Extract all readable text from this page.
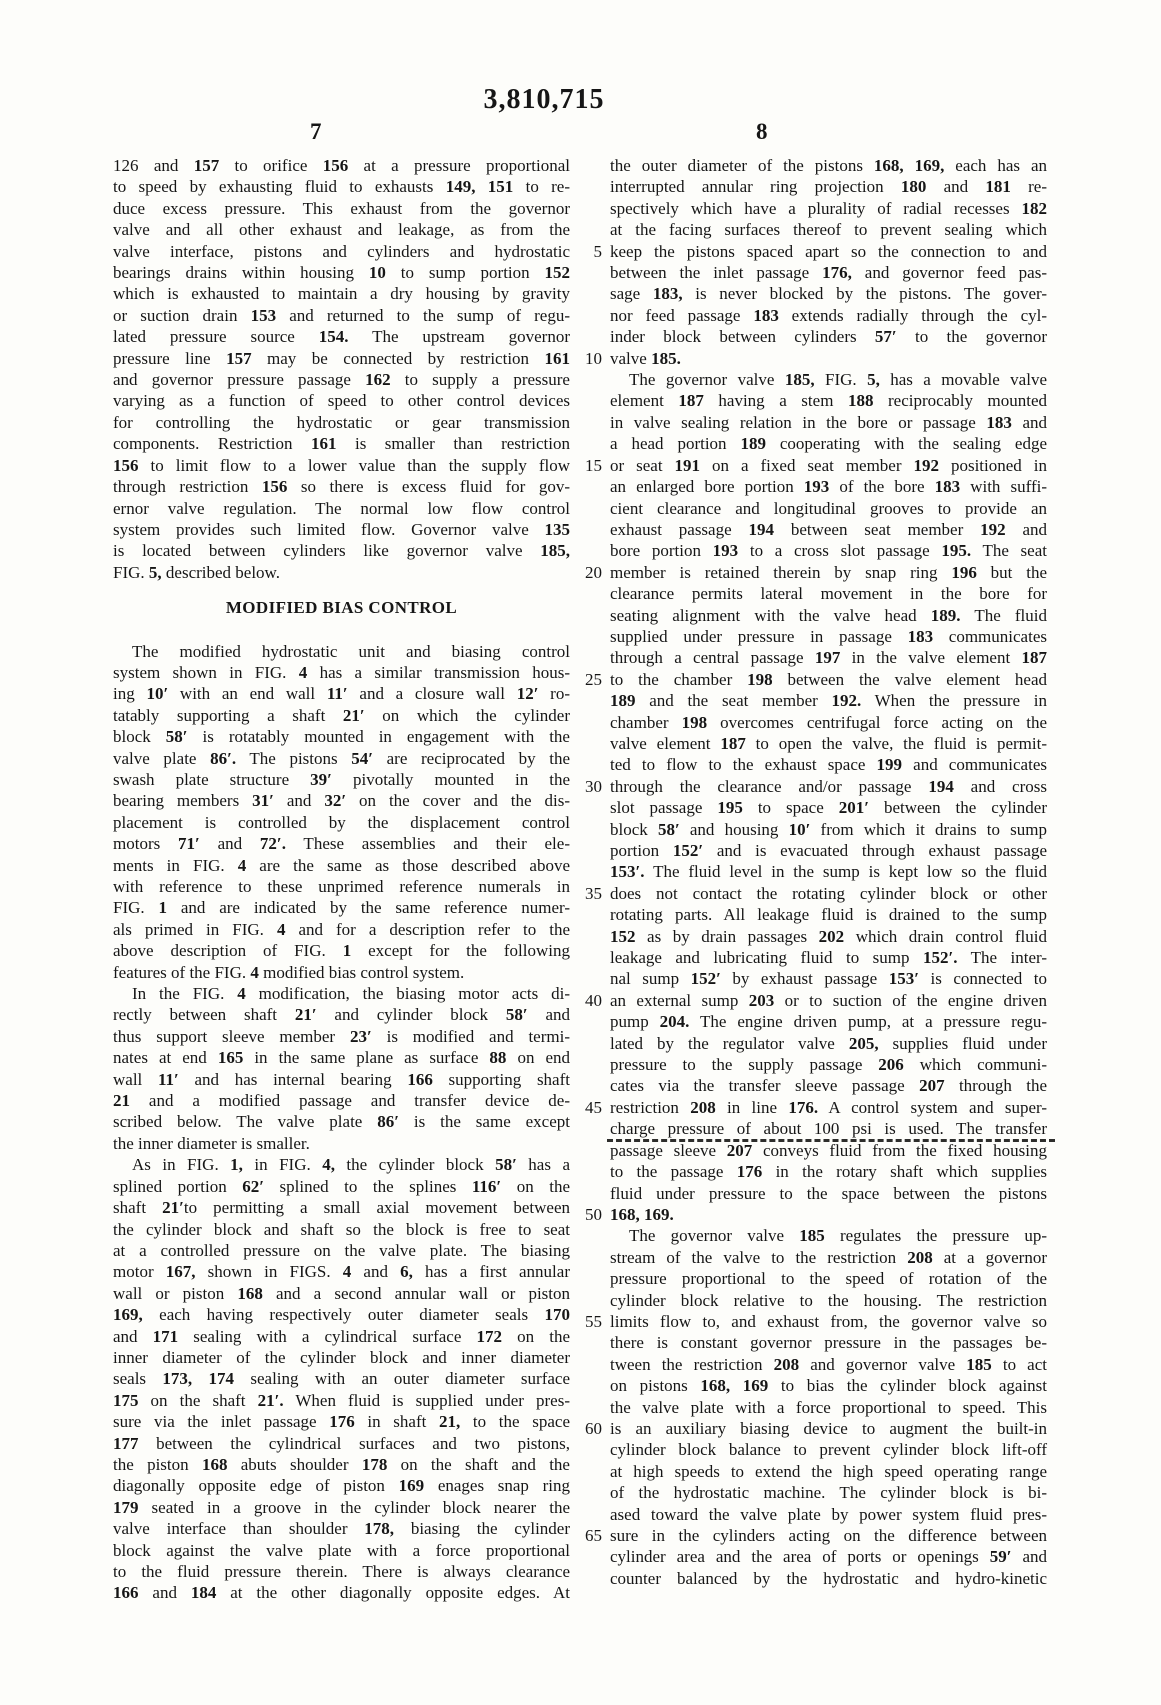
3,810,715
7	8
5
10
15
20
25
30
35
40
45
50
55
60
65
126 and 157 to orifice 156 at a pressure proportional
to speed by exhausting fluid to exhausts 149, 151 to re-
duce excess pressure. This exhaust from the governor
valve and all other exhaust and leakage, as from the
valve interface, pistons and cylinders and hydrostatic
bearings drains within housing 10 to sump portion 152
which is exhausted to maintain a dry housing by gravity
or suction drain 153 and returned to the sump of regu-
lated pressure source 154. The upstream governor
pressure line 157 may be connected by restriction 161
and governor pressure passage 162 to supply a pressure
varying as a function of speed to other control devices
for controlling the hydrostatic or gear transmission
components. Restriction 161 is smaller than restriction
156 to limit flow to a lower value than the supply flow
through restriction 156 so there is excess fluid for gov-
ernor valve regulation. The normal low flow control
system provides such limited flow. Governor valve 135
is located between cylinders like governor valve 185,
FIG. 5, described below.
MODIFIED BIAS CONTROL
The modified hydrostatic unit and biasing control
system shown in FIG. 4 has a similar transmission hous-
ing 10′ with an end wall 11′ and a closure wall 12′ ro-
tatably supporting a shaft 21′ on which the cylinder
block 58′ is rotatably mounted in engagement with the
valve plate 86′. The pistons 54′ are reciprocated by the
swash plate structure 39′ pivotally mounted in the
bearing members 31′ and 32′ on the cover and the dis-
placement is controlled by the displacement control
motors 71′ and 72′. These assemblies and their ele-
ments in FIG. 4 are the same as those described above
with reference to these unprimed reference numerals in
FIG. 1 and are indicated by the same reference numer-
als primed in FIG. 4 and for a description refer to the
above description of FIG. 1 except for the following
features of the FIG. 4 modified bias control system.
In the FIG. 4 modification, the biasing motor acts di-
rectly between shaft 21′ and cylinder block 58′ and
thus support sleeve member 23′ is modified and termi-
nates at end 165 in the same plane as surface 88 on end
wall 11′ and has internal bearing 166 supporting shaft
21 and a modified passage and transfer device de-
scribed below. The valve plate 86′ is the same except
the inner diameter is smaller.
As in FIG. 1, in FIG. 4, the cylinder block 58′ has a
splined portion 62′ splined to the splines 116′ on the
shaft 21′to permitting a small axial movement between
the cylinder block and shaft so the block is free to seat
at a controlled pressure on the valve plate. The biasing
motor 167, shown in FIGS. 4 and 6, has a first annular
wall or piston 168 and a second annular wall or piston
169, each having respectively outer diameter seals 170
and 171 sealing with a cylindrical surface 172 on the
inner diameter of the cylinder block and inner diameter
seals 173, 174 sealing with an outer diameter surface
175 on the shaft 21′. When fluid is supplied under pres-
sure via the inlet passage 176 in shaft 21, to the space
177 between the cylindrical surfaces and two pistons,
the piston 168 abuts shoulder 178 on the shaft and the
diagonally opposite edge of piston 169 enages snap ring
179 seated in a groove in the cylinder block nearer the
valve interface than shoulder 178, biasing the cylinder
block against the valve plate with a force proportional
to the fluid pressure therein. There is always clearance
166 and 184 at the other diagonally opposite edges. At
the outer diameter of the pistons 168, 169, each has an
interrupted annular ring projection 180 and 181 re-
spectively which have a plurality of radial recesses 182
at the facing surfaces thereof to prevent sealing which
keep the pistons spaced apart so the connection to and
between the inlet passage 176, and governor feed pas-
sage 183, is never blocked by the pistons. The gover-
nor feed passage 183 extends radially through the cyl-
inder block between cylinders 57′ to the governor
valve 185.
The governor valve 185, FIG. 5, has a movable valve
element 187 having a stem 188 reciprocably mounted
in valve sealing relation in the bore or passage 183 and
a head portion 189 cooperating with the sealing edge
or seat 191 on a fixed seat member 192 positioned in
an enlarged bore portion 193 of the bore 183 with suffi-
cient clearance and longitudinal grooves to provide an
exhaust passage 194 between seat member 192 and
bore portion 193 to a cross slot passage 195. The seat
member is retained therein by snap ring 196 but the
clearance permits lateral movement in the bore for
seating alignment with the valve head 189. The fluid
supplied under pressure in passage 183 communicates
through a central passage 197 in the valve element 187
to the chamber 198 between the valve element head
189 and the seat member 192. When the pressure in
chamber 198 overcomes centrifugal force acting on the
valve element 187 to open the valve, the fluid is permit-
ted to flow to the exhaust space 199 and communicates
through the clearance and/or passage 194 and cross
slot passage 195 to space 201′ between the cylinder
block 58′ and housing 10′ from which it drains to sump
portion 152′ and is evacuated through exhaust passage
153′. The fluid level in the sump is kept low so the fluid
does not contact the rotating cylinder block or other
rotating parts. All leakage fluid is drained to the sump
152 as by drain passages 202 which drain control fluid
leakage and lubricating fluid to sump 152′. The inter-
nal sump 152′ by exhaust passage 153′ is connected to
an external sump 203 or to suction of the engine driven
pump 204. The engine driven pump, at a pressure regu-
lated by the regulator valve 205, supplies fluid under
pressure to the supply passage 206 which communi-
cates via the transfer sleeve passage 207 through the
restriction 208 in line 176. A control system and super-
charge pressure of about 100 psi is used. The transfer
passage sleeve 207 conveys fluid from the fixed housing
to the passage 176 in the rotary shaft which supplies
fluid under pressure to the space between the pistons
168, 169.
The governor valve 185 regulates the pressure up-
stream of the valve to the restriction 208 at a governor
pressure proportional to the speed of rotation of the
cylinder block relative to the housing. The restriction
limits flow to, and exhaust from, the governor valve so
there is constant governor pressure in the passages be-
tween the restriction 208 and governor valve 185 to act
on pistons 168, 169 to bias the cylinder block against
the valve plate with a force proportional to speed. This
is an auxiliary biasing device to augment the built-in
cylinder block balance to prevent cylinder block lift-off
at high speeds to extend the high speed operating range
of the hydrostatic machine. The cylinder block is bi-
ased toward the valve plate by power system fluid pres-
sure in the cylinders acting on the difference between
cylinder area and the area of ports or openings 59′ and
counter balanced by the hydrostatic and hydro-kinetic
